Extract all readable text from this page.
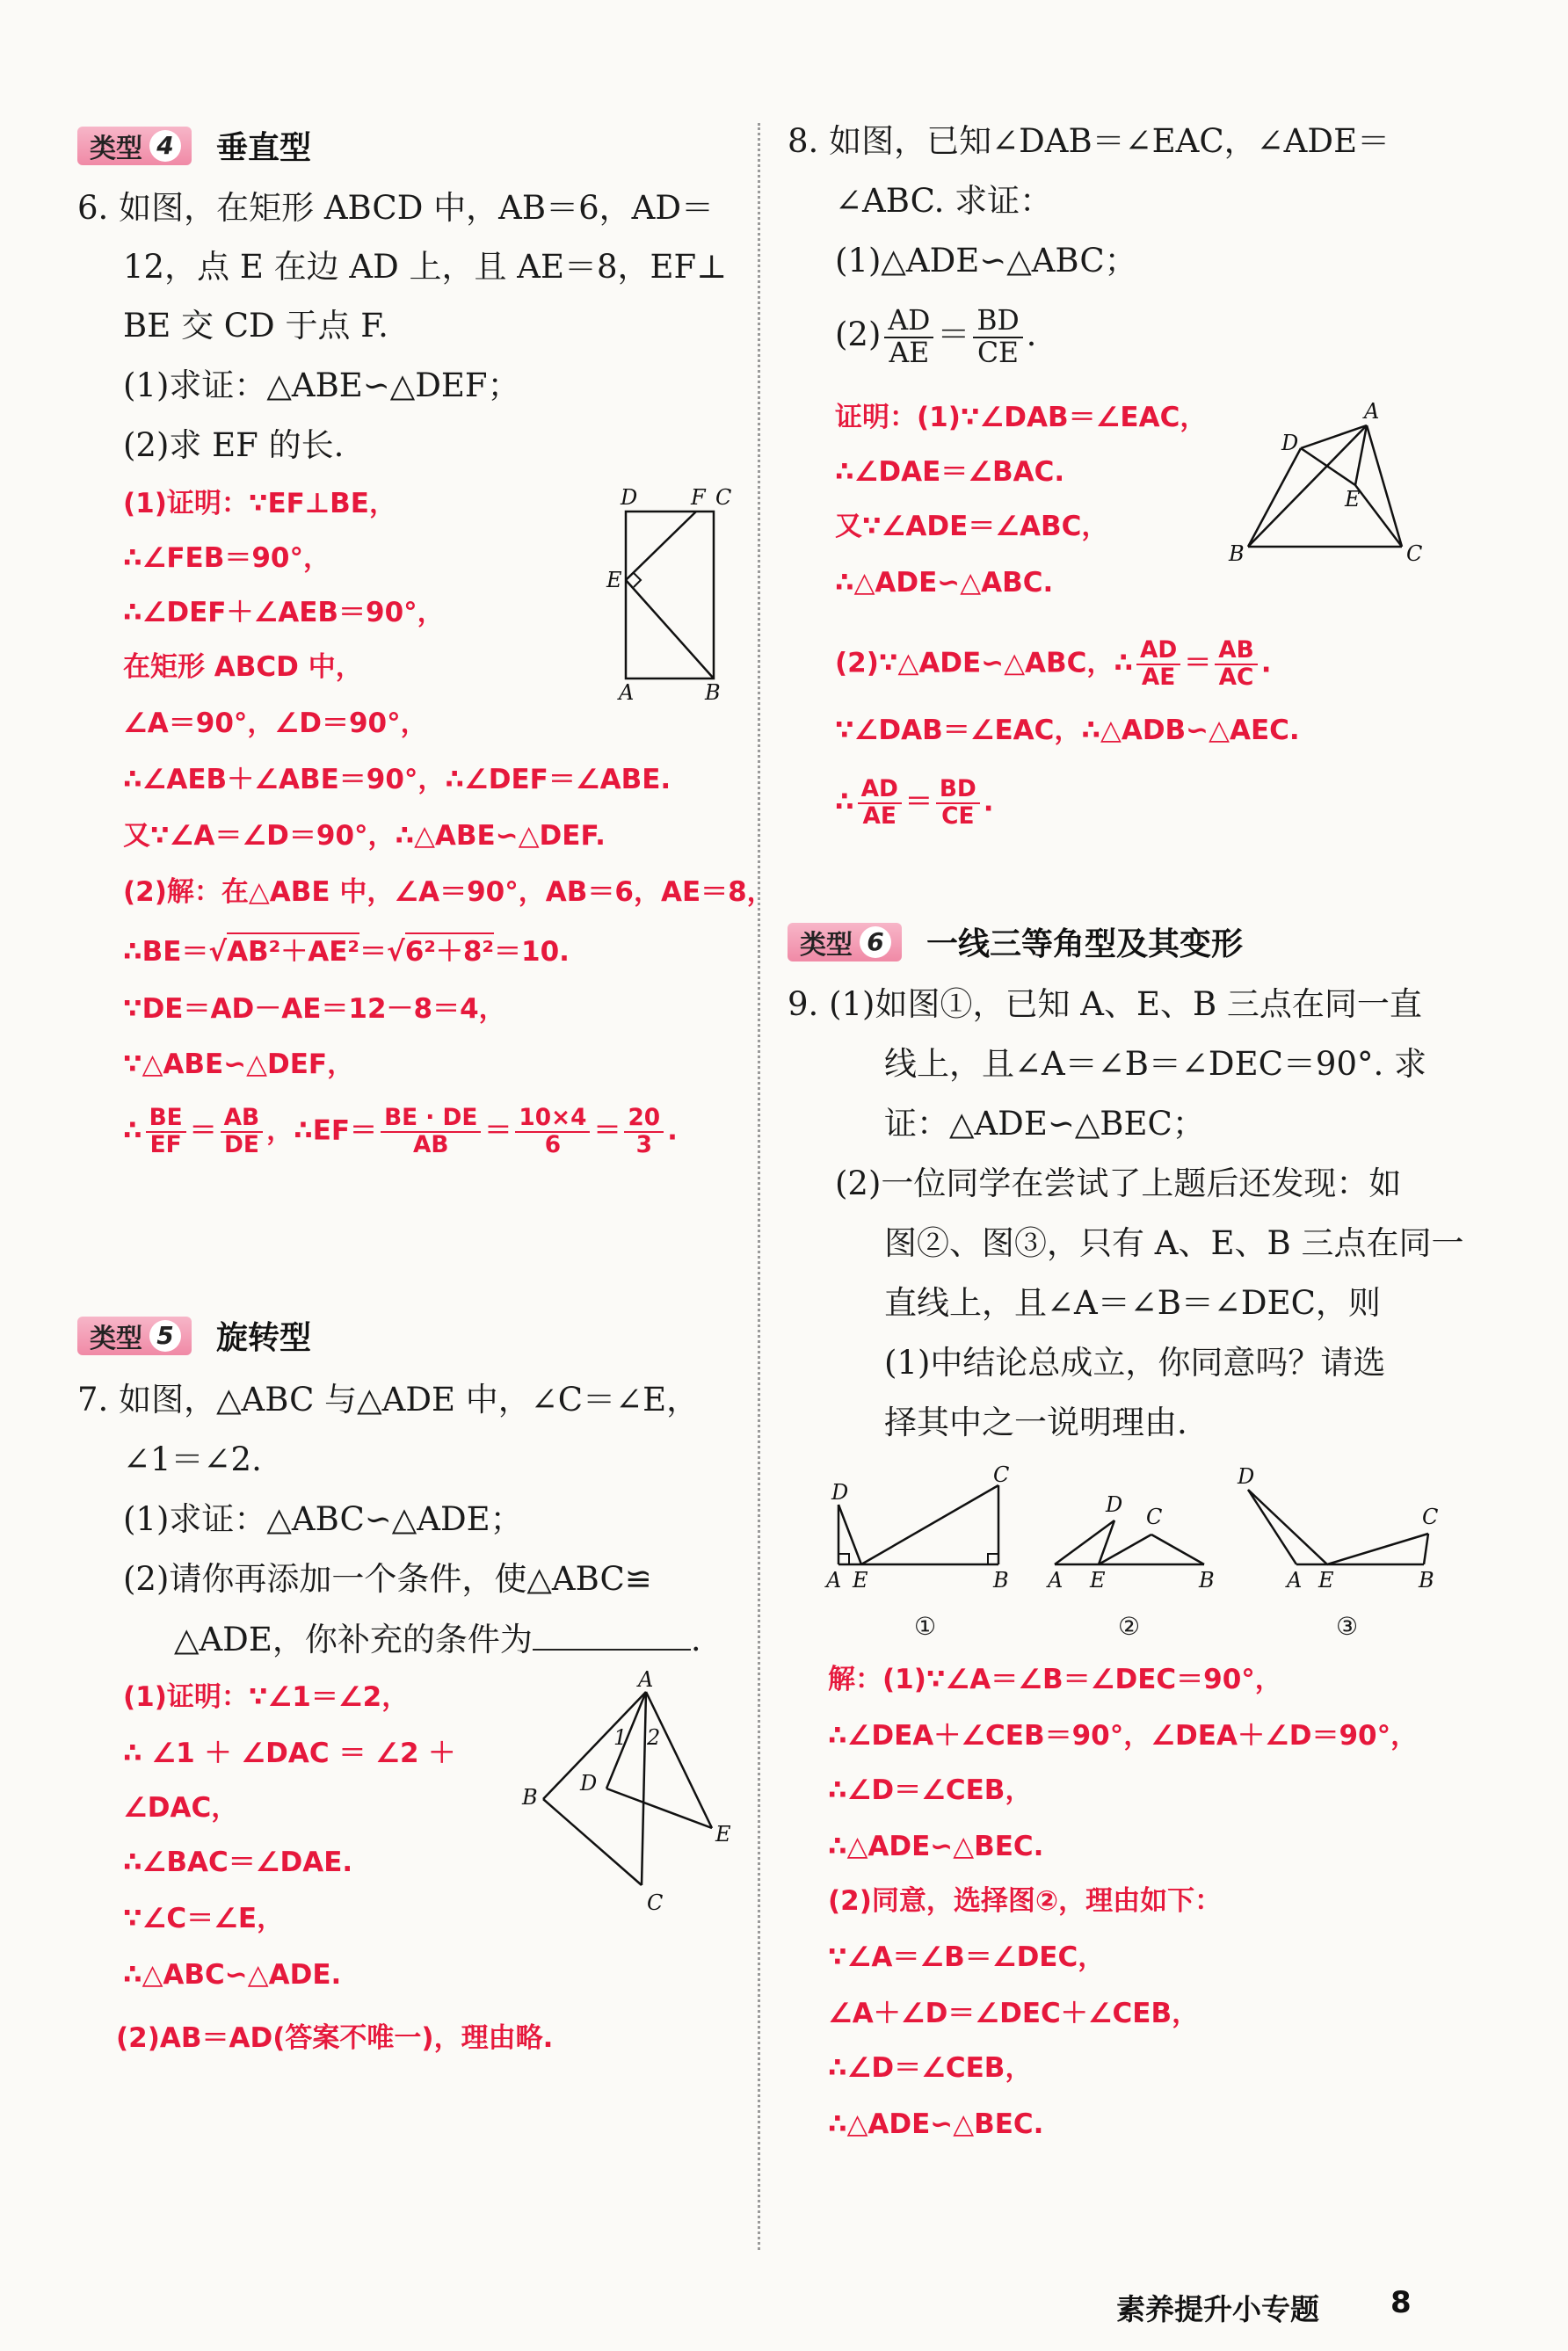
类型 4 垂直型
6. 如图，在矩形 ABCD 中，AB＝6，AD＝
12，点 E 在边 AD 上，且 AE＝8，EF⊥
BE 交 CD 于点 F.
(1)求证：△ABE∽△DEF；
(2)求 EF 的长.
(1)证明：∵EF⊥BE，
∴∠FEB＝90°，
∴∠DEF＋∠AEB＝90°，
在矩形 ABCD 中，
∠A＝90°，∠D＝90°，
∴∠AEB＋∠ABE＝90°，∴∠DEF＝∠ABE.
又∵∠A＝∠D＝90°，∴△ABE∽△DEF.
(2)解：在△ABE 中，∠A＝90°，AB＝6，AE＝8，
∴BE＝√AB²＋AE²＝√6²＋8²＝10.
∵DE＝AD－AE＝12－8＝4，
∵△ABE∽△DEF，
∴ $\frac{BE}{EF} = \frac{AB}{DE}$ ，∴EF＝ $\frac{BE \cdot DE}{AB} = \frac{10\times 4}{6} = \frac{20}{3}$ .
D	F C
E
A	B
类型 5 旋转型
7. 如图，△ABC 与△ADE 中，∠C＝∠E，
∠1＝∠2.
(1)求证：△ABC∽△ADE；
(2)请你再添加一个条件，使△ABC≌
△ADE，你补充的条件为	.
(1)证明：∵∠1＝∠2，
∴ ∠1 ＋ ∠DAC ＝ ∠2 ＋
∠DAC，
∴∠BAC＝∠DAE.
∵∠C＝∠E，
∴△ABC∽△ADE.
(2)AB＝AD(答案不唯一)，理由略.
A
1 2
B
D
E
C
8. 如图，已知∠DAB＝∠EAC，∠ADE＝
∠ABC. 求证：
(1)△ADE∽△ABC；
$(2) \frac{AD}{AE} = \frac{BD}{CE}$ .
证明：(1)∵∠DAB＝∠EAC，
∴∠DAE＝∠BAC.
又∵∠ADE＝∠ABC，
∴△ADE∽△ABC.
(2)∵△ADE∽△ABC，∴ $\frac{AD}{AE} = \frac{AB}{AC}$ .
∵∠DAB＝∠EAC，∴△ADB∽△AEC.
∴ $\frac{AD}{AE} = \frac{BD}{CE}$ .
A
D
E
B	C
类型 6 一线三等角型及其变形
9. (1)如图①，已知 A、E、B 三点在同一直
线上，且∠A＝∠B＝∠DEC＝90°. 求
证：△ADE∽△BEC；
(2)一位同学在尝试了上题后还发现：如
图②、图③，只有 A、E、B 三点在同一
直线上，且∠A＝∠B＝∠DEC，则
(1)中结论总成立，你同意吗？请选
择其中之一说明理由.
D
C
A E	B
D C
A E	B
D
C
A E	B
①	②	③
解：(1)∵∠A＝∠B＝∠DEC＝90°，
∴∠DEA＋∠CEB＝90°，∠DEA＋∠D＝90°，
∴∠D＝∠CEB，
∴△ADE∽△BEC.
(2)同意，选择图②，理由如下：
∵∠A＝∠B＝∠DEC，
∠A＋∠D＝∠DEC＋∠CEB，
∴∠D＝∠CEB，
∴△ADE∽△BEC.
素养提升小专题 8
